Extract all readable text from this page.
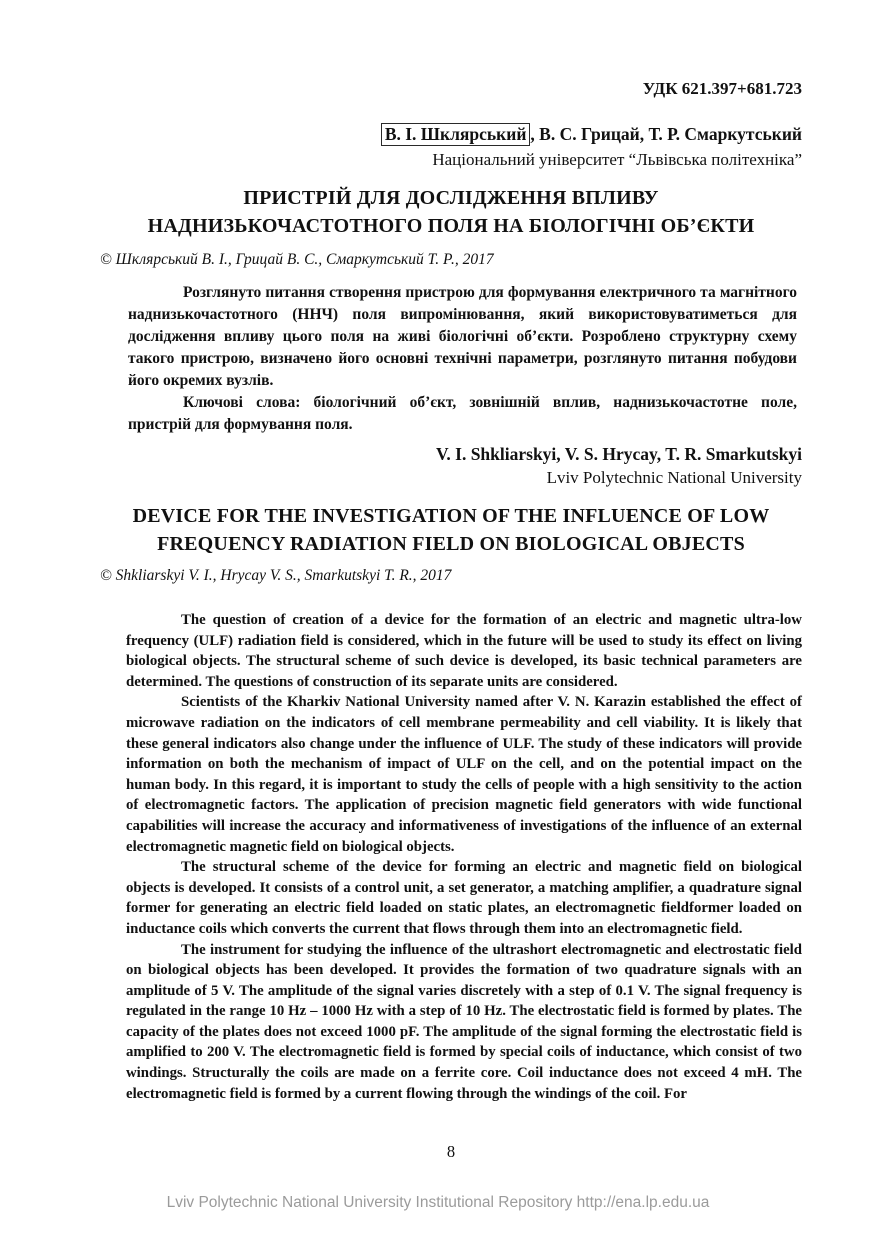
УДК 621.397+681.723
В. І. Шклярський , В. С. Грицай, Т. Р. Смаркутський
Національний університет “Львівська політехніка”
ПРИСТРІЙ ДЛЯ ДОСЛІДЖЕННЯ ВПЛИВУ
НАДНИЗЬКОЧАСТОТНОГО ПОЛЯ НА БІОЛОГІЧНІ ОБ’ЄКТИ
© Шклярський В. І., Грицай В. С., Смаркутський Т. Р., 2017

Розглянуто питання створення пристрою для формування електричного та магнітного наднизькочастотного (ННЧ) поля випромінювання, який використовуватиметься для дослідження впливу цього поля на живі біологічні об’єкти. Розроблено структурну схему такого пристрою, визначено його основні технічні параметри, розглянуто питання побудови його окремих вузлів.

Ключові слова: біологічний об’єкт, зовнішній вплив, наднизькочастотне поле, пристрій для формування поля.

V. I. Shkliarskyi, V. S. Hrycay, T. R. Smarkutskyi
Lviv Polytechnic National University
DEVICE FOR THE INVESTIGATION OF THE INFLUENCE OF LOW
FREQUENCY RADIATION FIELD ON BIOLOGICAL OBJECTS
© Shkliarskyi V. I., Hrycay V. S., Smarkutskyi T. R., 2017

The question of creation of a device for the formation of an electric and magnetic ultra-low frequency (ULF) radiation field is considered, which in the future will be used to study its effect on living biological objects. The structural scheme of such device is developed, its basic technical parameters are determined. The questions of construction of its separate units are considered.

Scientists of the Kharkiv National University named after V. N. Karazin established the effect of microwave radiation on the indicators of cell membrane permeability and cell viability. It is likely that these general indicators also change under the influence of ULF. The study of these indicators will provide information on both the mechanism of impact of ULF on the cell, and on the potential impact on the human body. In this regard, it is important to study the cells of people with a high sensitivity to the action of electromagnetic factors. The application of precision magnetic field generators with wide functional capabilities will increase the accuracy and informativeness of investigations of the influence of an external electromagnetic magnetic field on biological objects.

The structural scheme of the device for forming an electric and magnetic field on biological objects is developed. It consists of a control unit, a set generator, a matching amplifier, a quadrature signal former for generating an electric field loaded on static plates, an electromagnetic fieldformer loaded on inductance coils which converts the current that flows through them into an electromagnetic field.

The instrument for studying the influence of the ultrashort electromagnetic and electrostatic field on biological objects has been developed. It provides the formation of two quadrature signals with an amplitude of 5 V. The amplitude of the signal varies discretely with a step of 0.1 V. The signal frequency is regulated in the range 10 Hz – 1000 Hz with a step of 10 Hz. The electrostatic field is formed by plates. The capacity of the plates does not exceed 1000 pF. The amplitude of the signal forming the electrostatic field is amplified to 200 V. The electromagnetic field is formed by special coils of inductance, which consist of two windings. Structurally the coils are made on a ferrite core. Coil inductance does not exceed 4 mH. The electromagnetic field is formed by a current flowing through the windings of the coil. For

8
Lviv Polytechnic National University Institutional Repository http://ena.lp.edu.ua
